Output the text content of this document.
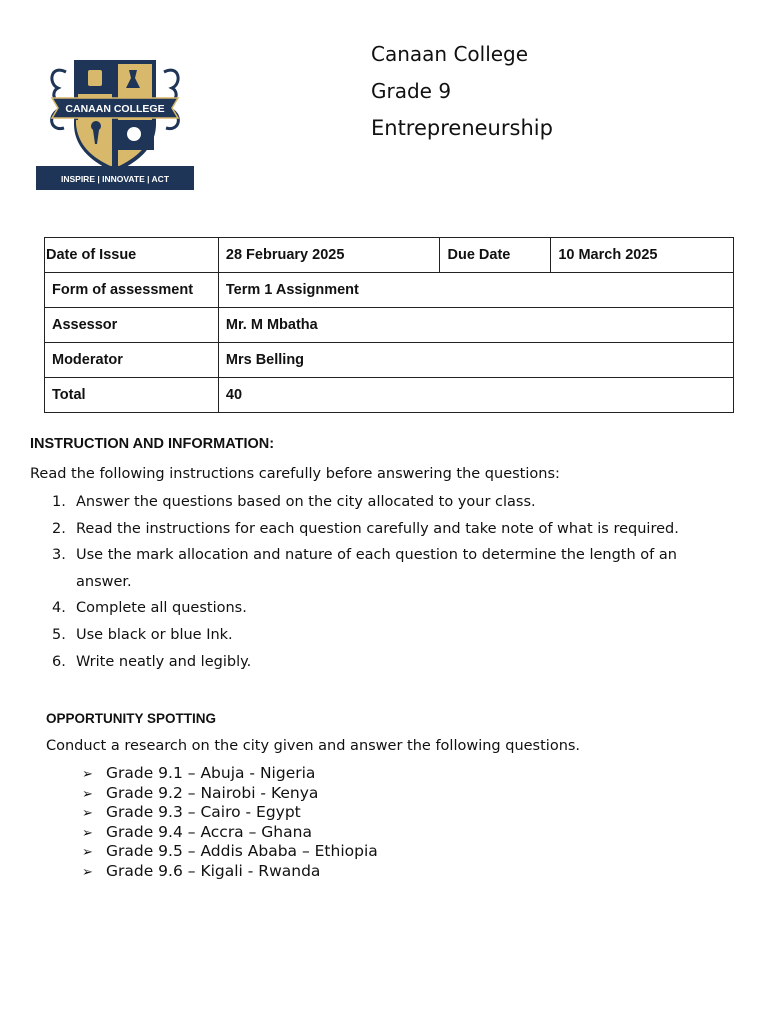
CANAAN COLLEGE
INSPIRE | INNOVATE | ACT
Canaan College
Grade 9
Entrepreneurship
Date of Issue	28 February 2025	Due Date	10 March 2025
Form of assessment	Term 1 Assignment		
Assessor	Mr. M Mbatha		
Moderator	Mrs Belling		
Total	40		
INSTRUCTION AND INFORMATION:
Read the following instructions carefully before answering the questions:
1. Answer the questions based on the city allocated to your class.
2. Read the instructions for each question carefully and take note of what is required.
3. Use the mark allocation and nature of each question to determine the length of an
answer.
4. Complete all questions.
5. Use black or blue Ink.
6. Write neatly and legibly.
OPPORTUNITY SPOTTING
Conduct a research on the city given and answer the following questions.
➢ Grade 9.1 – Abuja - Nigeria
➢ Grade 9.2 – Nairobi - Kenya
➢ Grade 9.3 – Cairo - Egypt
➢ Grade 9.4 – Accra – Ghana
➢ Grade 9.5 – Addis Ababa – Ethiopia
➢ Grade 9.6 – Kigali - Rwanda
